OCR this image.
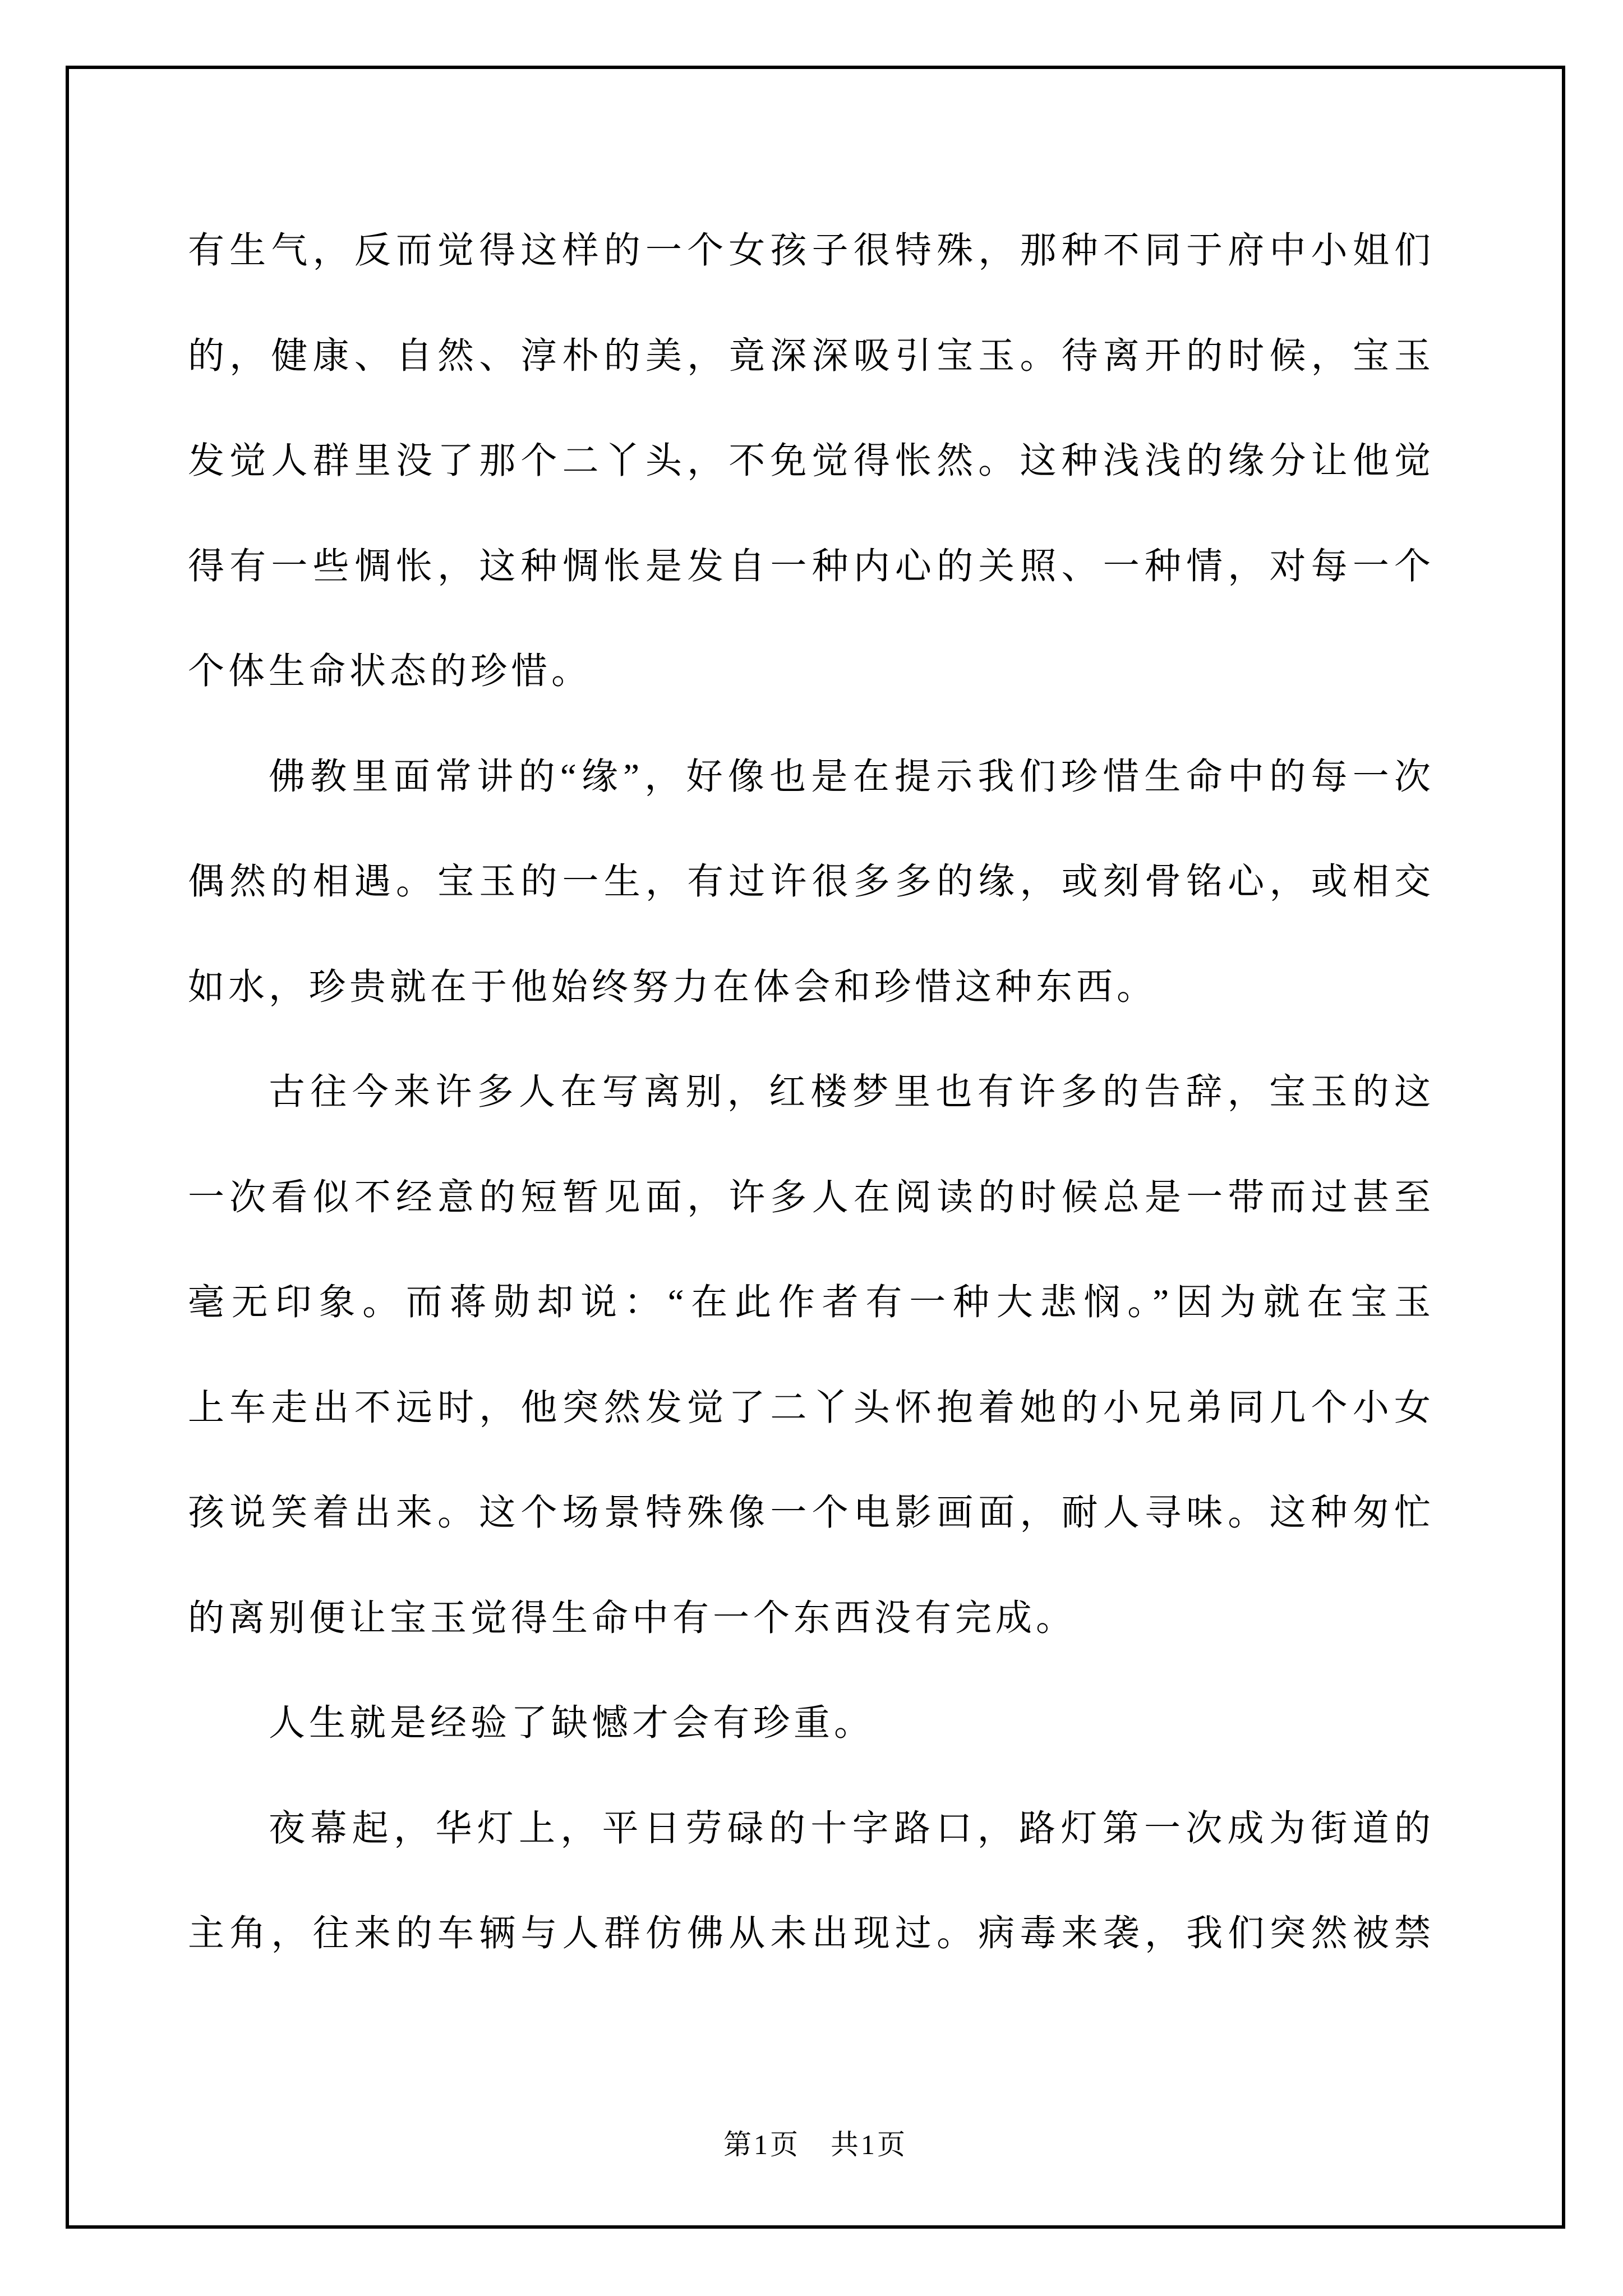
有生气，反而觉得这样的一个女孩子很特殊，那种不同于府中小姐们
的，健康、自然、淳朴的美，竟深深吸引宝玉。待离开的时候，宝玉
发觉人群里没了那个二丫头，不免觉得怅然。这种浅浅的缘分让他觉
得有一些惆怅，这种惆怅是发自一种内心的关照、一种情，对每一个
个体生命状态的珍惜。
佛教里面常讲的“缘”，好像也是在提示我们珍惜生命中的每一次
偶然的相遇。宝玉的一生，有过许很多多的缘，或刻骨铭心，或相交
如水，珍贵就在于他始终努力在体会和珍惜这种东西。
古往今来许多人在写离别，红楼梦里也有许多的告辞，宝玉的这
一次看似不经意的短暂见面，许多人在阅读的时候总是一带而过甚至
毫无印象。而蒋勋却说：“在此作者有一种大悲悯。”因为就在宝玉
上车走出不远时，他突然发觉了二丫头怀抱着她的小兄弟同几个小女
孩说笑着出来。这个场景特殊像一个电影画面，耐人寻味。这种匆忙
的离别便让宝玉觉得生命中有一个东西没有完成。
人生就是经验了缺憾才会有珍重。
夜幕起，华灯上，平日劳碌的十字路口，路灯第一次成为街道的
主角，往来的车辆与人群仿佛从未出现过。病毒来袭，我们突然被禁
第1页　共1页
